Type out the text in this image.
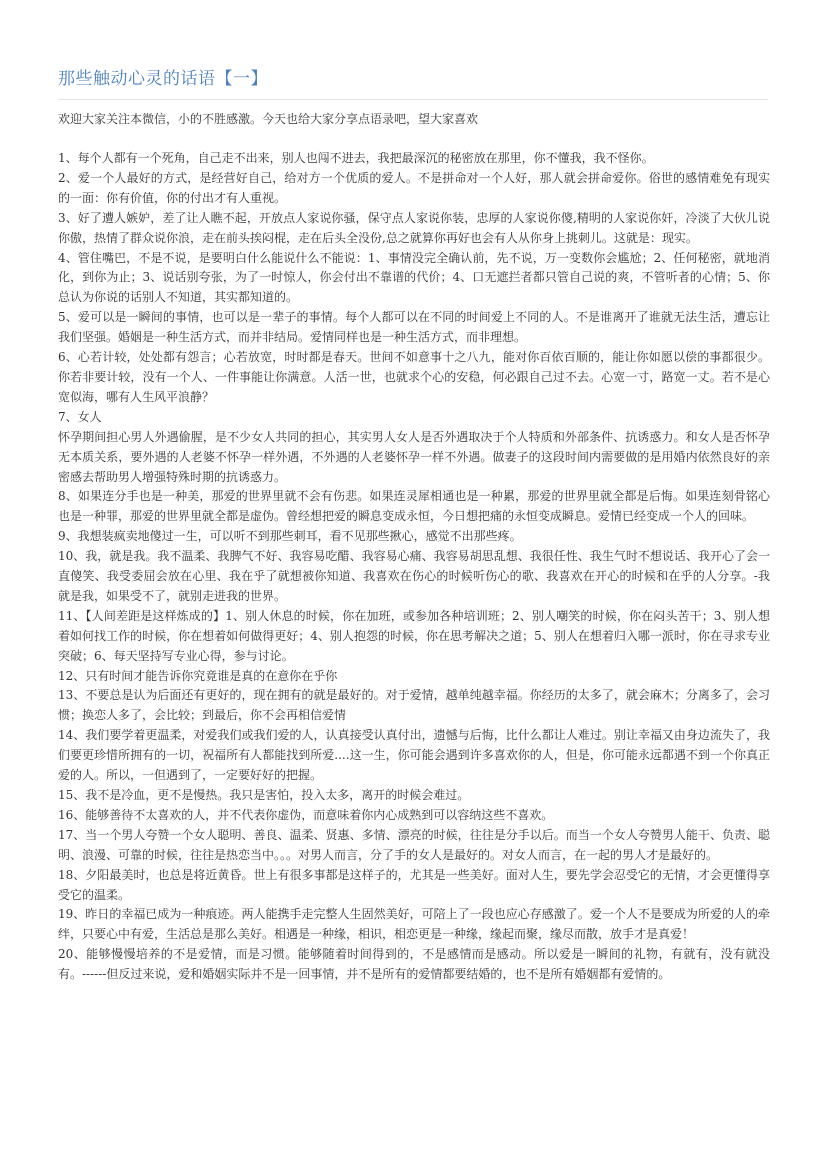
那些触动心灵的话语【一】
欢迎大家关注本微信，小的不胜感激。今天也给大家分享点语录吧，望大家喜欢

1、每个人都有一个死角，自己走不出来，别人也闯不进去，我把最深沉的秘密放在那里，你不懂我，我不怪你。

2、爱一个人最好的方式，是经营好自己，给对方一个优质的爱人。不是拼命对一个人好，那人就会拼命爱你。俗世的感情难免有现实的一面：你有价值，你的付出才有人重视。

3、好了遭人嫉妒，差了让人瞧不起，开放点人家说你骚，保守点人家说你装，忠厚的人家说你傻,精明的人家说你奸，冷淡了大伙儿说你傲，热情了群众说你浪，走在前头挨闷棍，走在后头全没份,总之就算你再好也会有人从你身上挑刺儿。这就是：现实。

4、管住嘴巴，不是不说，是要明白什么能说什么不能说：1、事情没完全确认前，先不说，万一变数你会尴尬；2、任何秘密，就地消化，到你为止；3、说话别夸张，为了一时惊人，你会付出不靠谱的代价；4、口无遮拦者都只管自己说的爽，不管听者的心情；5、你总认为你说的话别人不知道，其实都知道的。

5、爱可以是一瞬间的事情，也可以是一辈子的事情。每个人都可以在不同的时间爱上不同的人。不是谁离开了谁就无法生活，遭忘让我们坚强。婚姻是一种生活方式，而并非结局。爱情同样也是一种生活方式，而非理想。

6、心若计较，处处都有怨言；心若放宽，时时都是春天。世间不如意事十之八九，能对你百依百顺的，能让你如愿以偿的事都很少。你若非要计较，没有一个人、一件事能让你满意。人活一世，也就求个心的安稳，何必跟自己过不去。心宽一寸，路宽一丈。若不是心宽似海，哪有人生风平浪静？

7、女人

怀孕期间担心男人外遇偷腥，是不少女人共同的担心，其实男人女人是否外遇取决于个人特质和外部条件、抗诱惑力。和女人是否怀孕无本质关系，要外遇的人老婆不怀孕一样外遇，不外遇的人老婆怀孕一样不外遇。做妻子的这段时间内需要做的是用婚内依然良好的亲密感去帮助男人增强特殊时期的抗诱惑力。

8、如果连分手也是一种美，那爱的世界里就不会有伤悲。如果连灵犀相通也是一种累，那爱的世界里就全都是后悔。如果连刻骨铭心也是一种罪，那爱的世界里就全都是虚伪。曾经想把爱的瞬息变成永恒，今日想把痛的永恒变成瞬息。爱情已经变成一个人的回味。

9、我想装疯卖地傻过一生，可以听不到那些刺耳，看不见那些揪心，感觉不出那些疼。

10、我，就是我。我不温柔、我脾气不好、我容易吃醋、我容易心痛、我容易胡思乱想、我很任性、我生气时不想说话、我开心了会一直傻笑、我受委屈会放在心里、我在乎了就想被你知道、我喜欢在伤心的时候听伤心的歌、我喜欢在开心的时候和在乎的人分享。-我就是我，如果受不了，就别走进我的世界。

11、【人间差距是这样炼成的】1、别人休息的时候，你在加班，或参加各种培训班；2、别人嘲笑的时候，你在闷头苦干；3、别人想着如何找工作的时候，你在想着如何做得更好；4、别人抱怨的时候，你在思考解决之道；5、别人在想着归入哪一派时，你在寻求专业突破；6、每天坚持写专业心得，参与讨论。

12、只有时间才能告诉你究竟谁是真的在意你在乎你

13、不要总是认为后面还有更好的，现在拥有的就是最好的。对于爱情，越单纯越幸福。你经历的太多了，就会麻木；分离多了，会习惯；换恋人多了，会比较；到最后，你不会再相信爱情

14、我们要学着更温柔，对爱我们或我们爱的人，认真接受认真付出，遗憾与后悔，比什么都让人难过。别让幸福又由身边流失了，我们要更珍惜所拥有的一切，祝福所有人都能找到所爱....这一生，你可能会遇到许多喜欢你的人，但是，你可能永远都遇不到一个你真正爱的人。所以，一但遇到了，一定要好好的把握。

15、我不是冷血，更不是慢热。我只是害怕，投入太多，离开的时候会难过。

16、能够善待不太喜欢的人，并不代表你虚伪，而意味着你内心成熟到可以容纳这些不喜欢。

17、当一个男人夸赞一个女人聪明、善良、温柔、贤惠、多情、漂亮的时候，往往是分手以后。而当一个女人夸赞男人能干、负责、聪明、浪漫、可靠的时候，往往是热恋当中。。。对男人而言，分了手的女人是最好的。对女人而言，在一起的男人才是最好的。

18、夕阳最美时，也总是将近黄昏。世上有很多事都是这样子的，尤其是一些美好。面对人生，要先学会忍受它的无情，才会更懂得享受它的温柔。

19、昨日的幸福已成为一种痕迹。两人能携手走完整人生固然美好，可陪上了一段也应心存感激了。爱一个人不是要成为所爱的人的牵绊，只要心中有爱，生活总是那么美好。相遇是一种缘，相识，相恋更是一种缘，缘起而聚，缘尽而散，放手才是真爱！

20、能够慢慢培养的不是爱情，而是习惯。能够随着时间得到的，不是感情而是感动。所以爱是一瞬间的礼物，有就有，没有就没有。------但反过来说，爱和婚姻实际并不是一回事情，并不是所有的爱情都要结婚的，也不是所有婚姻都有爱情的。
